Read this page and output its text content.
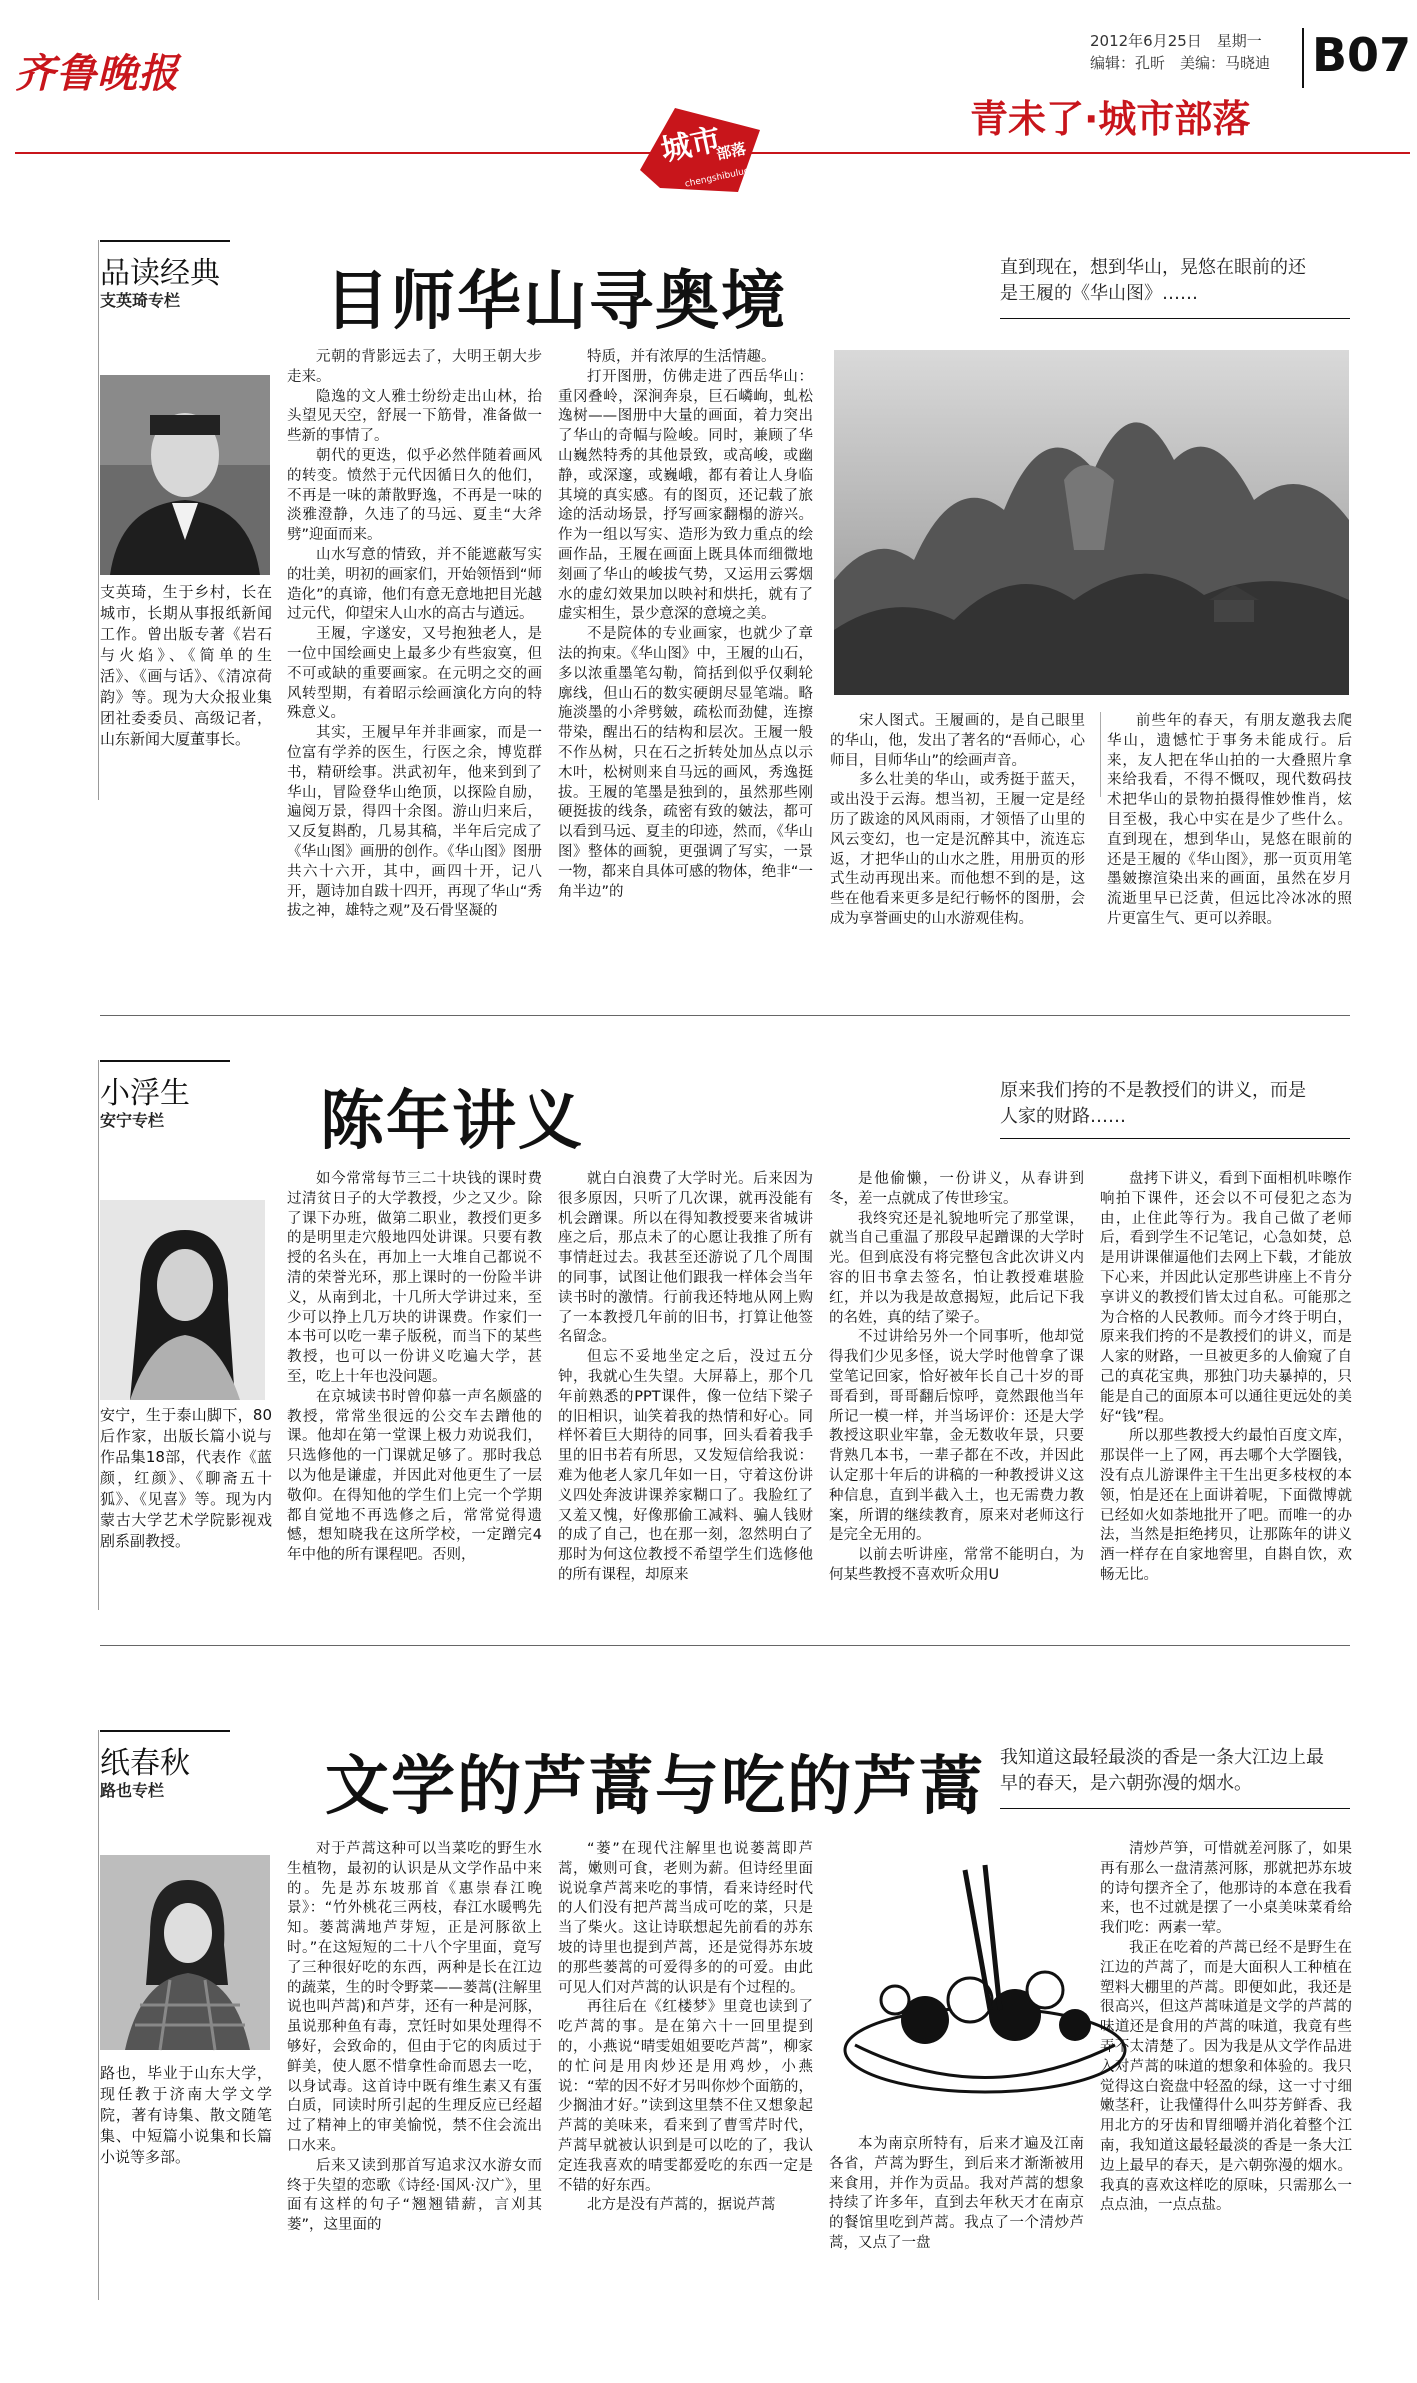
齐鲁晚报
2012年6月25日　星期一
编辑：孔昕　美编：马晓迪 B07
青未了·城市部落
城市
部落
chengshibuluo
品读经典
支英琦专栏
支英琦，生于乡村，长在城市，长期从事报纸新闻工作。曾出版专著《岩石与火焰》、《简单的生活》、《画与话》、《清凉荷韵》等。现为大众报业集团社委委员、高级记者，山东新闻大厦董事长。
目师华山寻奥境	直到现在，想到华山，晃悠在眼前的还是王履的《华山图》……

元朝的背影远去了，大明王朝大步走来。

隐逸的文人雅士纷纷走出山林，抬头望见天空，舒展一下筋骨，准备做一些新的事情了。

朝代的更迭，似乎必然伴随着画风的转变。愤然于元代因循日久的他们，不再是一味的萧散野逸，不再是一味的淡雅澄静，久违了的马远、夏圭“大斧劈”迎面而来。

山水写意的情致，并不能遮蔽写实的壮美，明初的画家们，开始领悟到“师造化”的真谛，他们有意无意地把目光越过元代，仰望宋人山水的高古与遒远。

王履，字遂安，又号抱独老人，是一位中国绘画史上最多少有些寂寞，但不可或缺的重要画家。在元明之交的画风转型期，有着昭示绘画演化方向的特殊意义。

其实，王履早年并非画家，而是一位富有学养的医生，行医之余，博览群书，精研绘事。洪武初年，他来到到了华山，冒险登华山绝顶，以探险自励，遍阅万景，得四十余图。游山归来后，又反复斟酌，几易其稿，半年后完成了《华山图》画册的创作。《华山图》图册共六十六开，其中，画四十开，记八开，题诗加自跋十四开，再现了华山“秀拔之神，雄特之观”及石骨坚凝的

特质，并有浓厚的生活情趣。

打开图册，仿佛走进了西岳华山：重冈叠岭，深涧奔泉，巨石嶙峋，虬松逸树——图册中大量的画面，着力突出了华山的奇幅与险峻。同时，兼顾了华山巍然特秀的其他景致，或高峻，或幽静，或深邃，或巍峨，都有着让人身临其境的真实感。有的图页，还记载了旅途的活动场景，抒写画家翻榻的游兴。作为一组以写实、造形为致力重点的绘画作品，王履在画面上既具体而细微地刻画了华山的峻拔气势，又运用云雾烟水的虚幻效果加以映衬和烘托，就有了虚实相生，景少意深的意境之美。

不是院体的专业画家，也就少了章法的拘束。《华山图》中，王履的山石，多以浓重墨笔勾勒，简括到似乎仅剩轮廓线，但山石的数实硬朗尽显笔端。略施淡墨的小斧劈皴，疏松而劲健，连擦带染，醒出石的结构和层次。王履一般不作丛树，只在石之折转处加丛点以示木叶，松树则来自马远的画风，秀逸挺拔。王履的笔墨是独到的，虽然那些刚硬挺拔的线条，疏密有致的皴法，都可以看到马远、夏圭的印迹，然而，《华山图》整体的画貌，更强调了写实，一景一物，都来自具体可感的物体，绝非“一角半边”的

宋人图式。王履画的，是自己眼里的华山，他，发出了著名的“吾师心，心师目，目师华山”的绘画声音。

多么壮美的华山，或秀挺于蓝天，或出没于云海。想当初，王履一定是经历了跋途的风风雨雨，才领悟了山里的风云变幻，也一定是沉醉其中，流连忘返，才把华山的山水之胜，用册页的形式生动再现出来。而他想不到的是，这些在他看来更多是纪行畅怀的图册，会成为享誉画史的山水游观佳构。

前些年的春天，有朋友邀我去爬华山，遗憾忙于事务未能成行。后来，友人把在华山拍的一大叠照片拿来给我看，不得不慨叹，现代数码技术把华山的景物拍摄得惟妙惟肖，炫目至极，我心中实在是少了些什么。直到现在，想到华山，晃悠在眼前的还是王履的《华山图》，那一页页用笔墨皴擦渲染出来的画面，虽然在岁月流逝里早已泛黄，但远比冷冰冰的照片更富生气、更可以养眼。

小浮生
安宁专栏
安宁，生于泰山脚下，80后作家，出版长篇小说与作品集18部，代表作《蓝颜，红颜》、《聊斋五十狐》、《见喜》等。现为内蒙古大学艺术学院影视戏剧系副教授。
陈年讲义	原来我们挎的不是教授们的讲义，而是人家的财路……

如今常常每节三二十块钱的课时费过清贫日子的大学教授，少之又少。除了课下办班，做第二职业，教授们更多的是明里走穴般地四处讲课。只要有教授的名头在，再加上一大堆自己都说不清的荣誉光环，那上课时的一份险半讲义，从南到北，十几所大学讲过来，至少可以挣上几万块的讲课费。作家们一本书可以吃一辈子版税，而当下的某些教授，也可以一份讲义吃遍大学，甚至，吃上十年也没问题。

在京城读书时曾仰慕一声名颇盛的教授，常常坐很远的公交车去蹭他的课。他却在第一堂课上极力劝说我们，只选修他的一门课就足够了。那时我总以为他是谦虚，并因此对他更生了一层敬仰。在得知他的学生们上完一个学期都自觉地不再选修之后，常常觉得遗憾，想知晓我在这所学校，一定蹭完4年中他的所有课程吧。否则，

就白白浪费了大学时光。后来因为很多原因，只听了几次课，就再没能有机会蹭课。所以在得知教授要来省城讲座之后，那点未了的心愿让我推了所有事情赶过去。我甚至还游说了几个周围的同事，试图让他们跟我一样体会当年读书时的激情。行前我还特地从网上购了一本教授几年前的旧书，打算让他签名留念。

但忘不妥地坐定之后，没过五分钟，我就心生失望。大屏幕上，那个几年前熟悉的PPT课件，像一位结下梁子的旧相识，讪笑着我的热情和好心。同样怀着巨大期待的同事，回头看着我手里的旧书若有所思，又发短信给我说：难为他老人家几年如一日，守着这份讲义四处奔波讲课养家糊口了。我脸红了又羞又愧，好像那偷工减料、骗人钱财的成了自己，也在那一刻，忽然明白了那时为何这位教授不希望学生们选修他的所有课程，却原来

是他偷懒，一份讲义，从春讲到冬，差一点就成了传世珍宝。

我终究还是礼貌地听完了那堂课，就当自己重温了那段早起蹭课的大学时光。但到底没有将完整包含此次讲义内容的旧书拿去签名，怕让教授难堪脸红，并以为我是故意揭短，此后记下我的名姓，真的结了梁子。

不过讲给另外一个同事听，他却觉得我们少见多怪，说大学时他曾拿了课堂笔记回家，恰好被年长自己十岁的哥哥看到，哥哥翻后惊呼，竟然跟他当年所记一模一样，并当场评价：还是大学教授这职业牢靠，金无数收年景，只要背熟几本书，一辈子都在不改，并因此认定那十年后的讲稿的一种教授讲义这种信息，直到半截入土，也无需费力教案，所谓的继续教育，原来对老师这行是完全无用的。

以前去听讲座，常常不能明白，为何某些教授不喜欢听众用U

盘拷下讲义，看到下面相机咔嚓作响拍下课件，还会以不可侵犯之态为由，止住此等行为。我自己做了老师后，看到学生不记笔记，心急如焚，总是用讲课催逼他们去网上下载，才能放下心来，并因此认定那些讲座上不肯分享讲义的教授们皆太过自私。可能那之为合格的人民教师。而今才终于明白，原来我们挎的不是教授们的讲义，而是人家的财路，一旦被更多的人偷窥了自己的真花宝典，那独门功夫暴掉的，只能是自己的面原本可以通往更远处的美好“钱”程。

所以那些教授大约最怕百度文库，那误伴一上了网，再去哪个大学圈钱，没有点儿游课件主干生出更多枝杈的本领，怕是还在上面讲着呢，下面微博就已经如火如荼地批开了吧。而唯一的办法，当然是拒绝拷贝，让那陈年的讲义酒一样存在自家地窖里，自斟自饮，欢畅无比。

纸春秋
路也专栏
路也，毕业于山东大学，现任教于济南大学文学院，著有诗集、散文随笔集、中短篇小说集和长篇小说等多部。
文学的芦蒿与吃的芦蒿 我知道这最轻最淡的香是一条大江边上最早的春天，是六朝弥漫的烟水。

对于芦蒿这种可以当菜吃的野生水生植物，最初的认识是从文学作品中来的。先是苏东坡那首《惠崇春江晚景》：“竹外桃花三两枝，春江水暖鸭先知。蒌蒿满地芦芽短，正是河豚欲上时。”在这短短的二十八个字里面，竟写了三种很好吃的东西，两种是长在江边的蔬菜，生的时令野菜——蒌蒿(注解里说也叫芦蒿)和芦芽，还有一种是河豚，虽说那种鱼有毒，烹饪时如果处理得不够好，会致命的，但由于它的肉质过于鲜美，使人愿不惜拿性命而恩去一吃，以身试毒。这首诗中既有维生素又有蛋白质，同读时所引起的生理反应已经超过了精神上的审美愉悦，禁不住会流出口水来。

后来又读到那首写追求汉水游女而终于失望的恋歌《诗经·国风·汉广》，里面有这样的句子“翘翘错薪，言刈其蒌”，这里面的

“蒌”在现代注解里也说蒌蒿即芦蒿，嫩则可食，老则为薪。但诗经里面说说拿芦蒿来吃的事情，看来诗经时代的人们没有把芦蒿当成可吃的菜，只是当了柴火。这让诗联想起先前看的苏东坡的诗里也提到芦蒿，还是觉得苏东坡的那些蒌蒿的可爱得多的的可爱。由此可见人们对芦蒿的认识是有个过程的。

再往后在《红楼梦》里竟也读到了吃芦蒿的事。是在第六十一回里提到的，小燕说“晴雯姐姐要吃芦蒿”，柳家的忙问是用肉炒还是用鸡炒，小燕说：“荤的因不好才另叫你炒个面筋的，少搁油才好。”读到这里禁不住又想象起芦蒿的美味来，看来到了曹雪芹时代，芦蒿早就被认识到是可以吃的了，我认定连我喜欢的晴雯都爱吃的东西一定是不错的好东西。

北方是没有芦蒿的，据说芦蒿

本为南京所特有，后来才遍及江南各省，芦蒿为野生，到后来才渐渐被用来食用，并作为贡品。我对芦蒿的想象持续了许多年，直到去年秋天才在南京的餐馆里吃到芦蒿。我点了一个清炒芦蒿，又点了一盘

清炒芦笋，可惜就差河豚了，如果再有那么一盘清蒸河豚，那就把苏东坡的诗句摆齐全了，他那诗的本意在我看来，也不过就是摆了一小桌美味菜肴给我们吃：两素一荤。

我正在吃着的芦蒿已经不是野生在江边的芦蒿了，而是大面积人工种植在塑料大棚里的芦蒿。即便如此，我还是很高兴，但这芦蒿味道是文学的芦蒿的味道还是食用的芦蒿的味道，我竟有些弄不太清楚了。因为我是从文学作品进入对芦蒿的味道的想象和体验的。我只觉得这白瓷盘中轻盈的绿，这一寸寸细嫩茎秆，让我懂得什么叫芬芳鲜香、我用北方的牙齿和胃细嚼并消化着整个江南，我知道这最轻最淡的香是一条大江边上最早的春天，是六朝弥漫的烟水。我真的喜欢这样吃的原味，只需那么一点点油，一点点盐。
